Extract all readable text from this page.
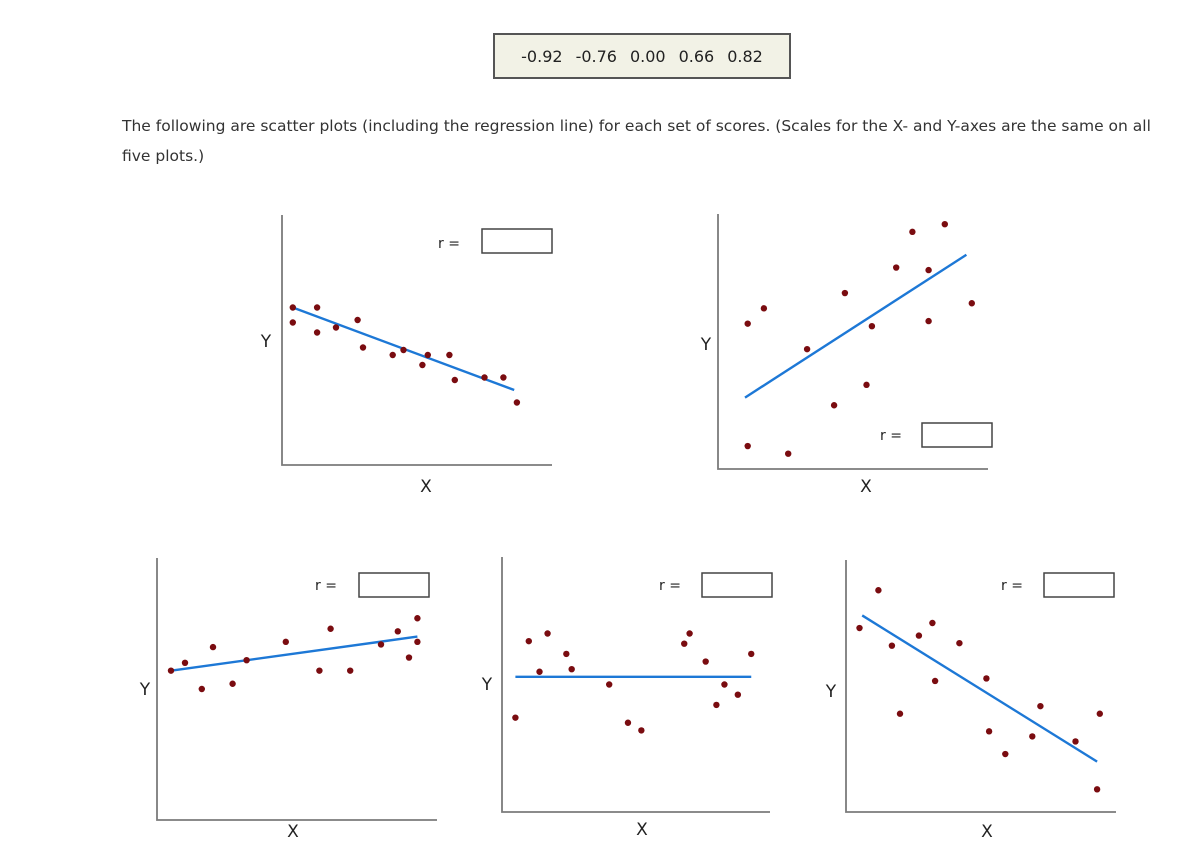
-0.92 -0.76 0.00 0.66 0.82

The following are scatter plots (including the regression line) for each set of scores. (Scales for the X- and Y-axes are the same on all five plots.)

Y
X
r =
Y
X
r =
Y
X
r =
Y
X
r =
Y
X
r =
